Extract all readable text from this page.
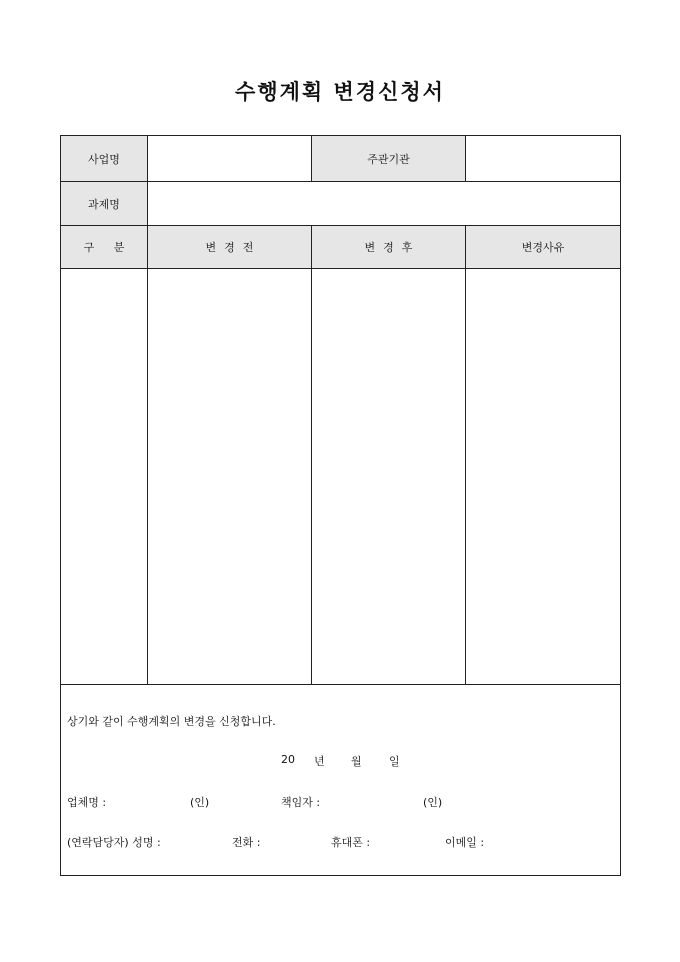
수행계획 변경신청서
사업명	주관기관
과제명
구 분	변경전	변경후	변경사유
상기와 같이 수행계획의 변경을 신청합니다.
20 년 월 일
업체명 :	(인)	책임자 :	(인)
(연락담당자) 성명 :	전화 :	휴대폰 :	이메일 :
